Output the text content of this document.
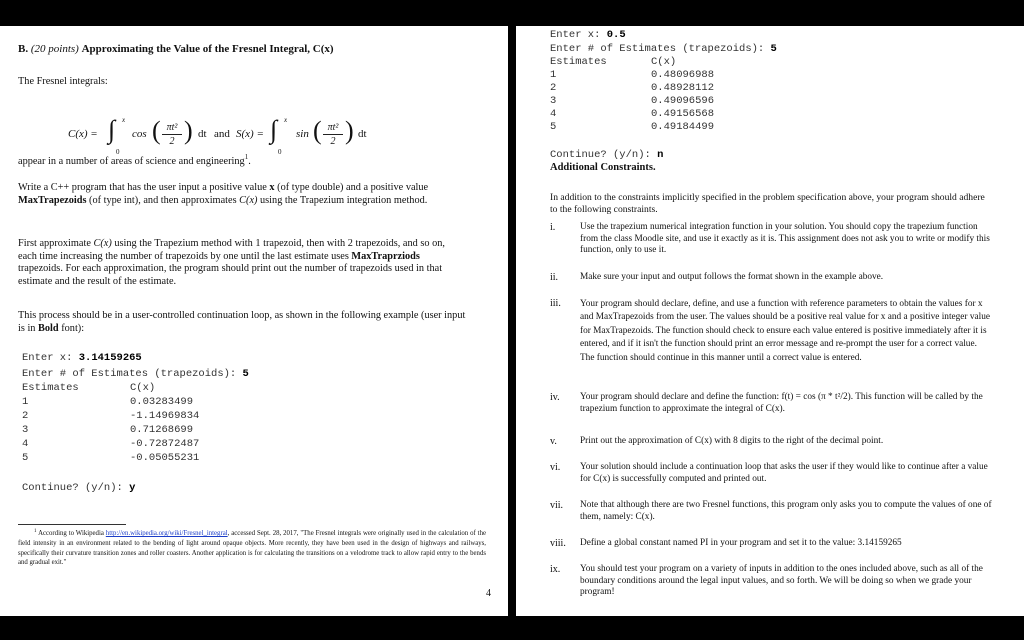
B. (20 points) Approximating the Value of the Fresnel Integral, C(x)
The Fresnel integrals:
C(x) = ∫ x
0
cos ( πt²
2 ) dt and S(x) = ∫ x
0
sin ( πt²
2 ) dt
appear in a number of areas of science and engineering$^1$.
Write a C++ program that has the user input a positive value x (of type double) and a positive value MaxTrapezoids (of type int), and then approximates C(x) using the Trapezium integration method.
First approximate C(x) using the Trapezium method with 1 trapezoid, then with 2 trapezoids, and so on, each time increasing the number of trapezoids by one until the last estimate uses MaxTraprziods trapezoids. For each approximation, the program should print out the number of trapezoids used in that estimate and the result of the estimate.
This process should be in a user-controlled continuation loop, as shown in the following example (user input is in Bold font):
Enter x: 3.14159265
Enter # of Estimates (trapezoids): 5
Estimates	C(x)
1	0.03283499
2	-1.14969834
3	0.71268699
4	-0.72872487
5	-0.05055231
Continue? (y/n): y
$^1$ According to Wikipedia http://en.wikipedia.org/wiki/Fresnel_integral, accessed Sept. 28, 2017, "The Fresnel integrals were originally used in the calculation of the field intensity in an environment related to the bending of light around opaque objects. More recently, they have been used in the design of highways and railways, specifically their curvature transition zones and roller coasters. Another application is for calculating the transitions on a velodrome track to allow rapid entry to the bends and gradual exit."
4
Enter x: 0.5
Enter # of Estimates (trapezoids): 5
Estimates	C(x)
1	0.48096988
2	0.48928112
3	0.49096596
4	0.49156568
5	0.49184499
Continue? (y/n): n
Additional Constraints.
In addition to the constraints implicitly specified in the problem specification above, your program should adhere to the following constraints.
i.	Use the trapezium numerical integration function in your solution. You should copy the trapezium function from the class Moodle site, and use it exactly as it is. This assignment does not ask you to write or modify this function, only to use it.
ii.	Make sure your input and output follows the format shown in the example above.
iii.	Your program should declare, define, and use a function with reference parameters to obtain the values for x and MaxTrapezoids from the user. The values should be a positive real value for x and a positive integer value for MaxTrapezoids. The function should check to ensure each value entered is positive immediately after it is entered, and if it isn't the function should print an error message and re-prompt the user for a correct value. The function should continue in this manner until a correct value is entered.
iv.	Your program should declare and define the function: f(t) = cos (π * t²/2). This function will be called by the trapezium function to approximate the integral of C(x).
v.	Print out the approximation of C(x) with 8 digits to the right of the decimal point.
vi.	Your solution should include a continuation loop that asks the user if they would like to continue after a value for C(x) is successfully computed and printed out.
vii.	Note that although there are two Fresnel functions, this program only asks you to compute the values of one of them, namely: C(x).
viii.	Define a global constant named PI in your program and set it to the value: 3.14159265
ix.	You should test your program on a variety of inputs in addition to the ones included above, such as all of the boundary conditions around the legal input values, and so forth. We will be doing so when we grade your program!
